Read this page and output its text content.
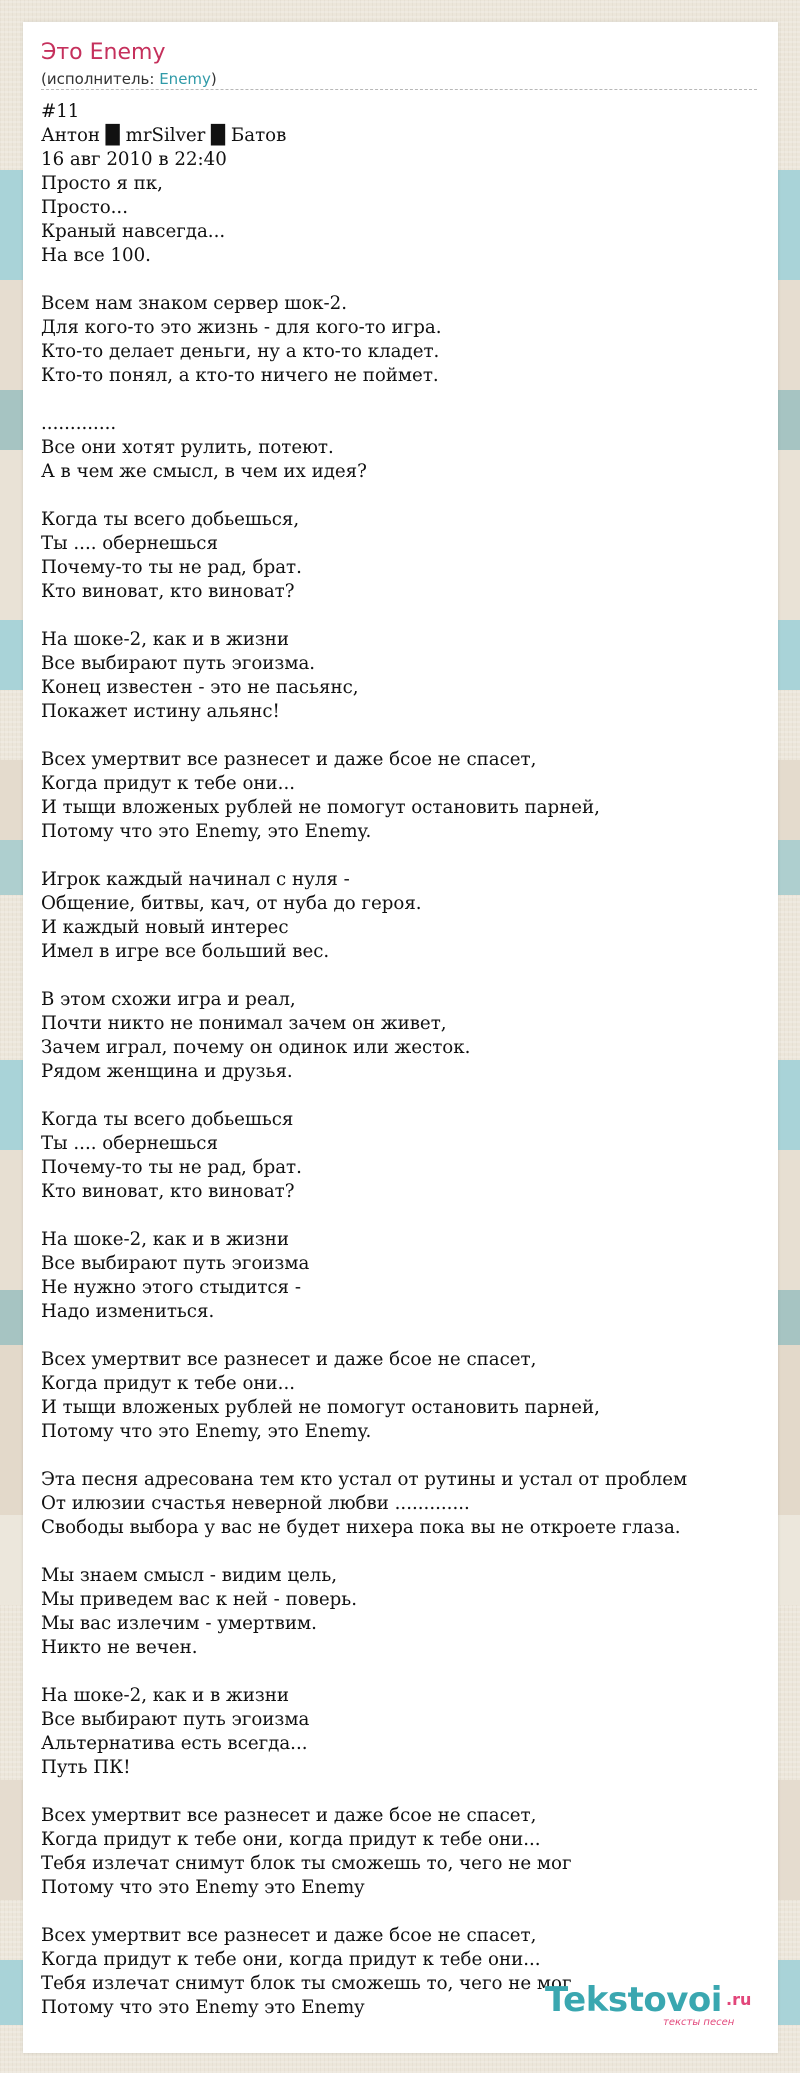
Это Enemy
(исполнитель: Enemy)
#11
Антон █ mrSilver █ Батов
16 авг 2010 в 22:40
Просто я пк,
Просто...
Краный навсегда...
На все 100.

Всем нам знаком сервер шок-2.
Для кого-то это жизнь - для кого-то игра.
Кто-то делает деньги, ну а кто-то кладет.
Кто-то понял, а кто-то ничего не поймет.

.............
Все они хотят рулить, потеют.
А в чем же смысл, в чем их идея?

Когда ты всего добьешься,
Ты .... обернешься
Почему-то ты не рад, брат.
Кто виноват, кто виноват?

На шоке-2, как и в жизни
Все выбирают путь эгоизма.
Конец известен - это не пасьянс,
Покажет истину альянс!

Всех умертвит все разнесет и даже бсое не спасет,
Когда придут к тебе они...
И тыщи вложеных рублей не помогут остановить парней,
Потому что это Enemy, это Enemy.

Игрок каждый начинал с нуля -
Общение, битвы, кач, от нуба до героя.
И каждый новый интерес
Имел в игре все больший вес.

В этом схожи игра и реал,
Почти никто не понимал зачем он живет,
Зачем играл, почему он одинок или жесток.
Рядом женщина и друзья.

Когда ты всего добьешься
Ты .... обернешься
Почему-то ты не рад, брат.
Кто виноват, кто виноват?

На шоке-2, как и в жизни
Все выбирают путь эгоизма
Не нужно этого стыдится -
Надо измениться.

Всех умертвит все разнесет и даже бсое не спасет,
Когда придут к тебе они...
И тыщи вложеных рублей не помогут остановить парней,
Потому что это Enemy, это Enemy.

Эта песня адресована тем кто устал от рутины и устал от проблем
От илюзии счастья неверной любви .............
Свободы выбора у вас не будет нихера пока вы не откроете глаза.

Мы знаем смысл - видим цель,
Мы приведем вас к ней - поверь.
Мы вас излечим - умертвим.
Никто не вечен.

На шоке-2, как и в жизни
Все выбирают путь эгоизма
Альтернатива есть всегда...
Путь ПК!

Всех умертвит все разнесет и даже бсое не спасет,
Когда придут к тебе они, когда придут к тебе они...
Тебя излечат снимут блок ты сможешь то, чего не мог
Потому что это Enemy это Enemy

Всех умертвит все разнесет и даже бсое не спасет,
Когда придут к тебе они, когда придут к тебе они...
Тебя излечат снимут блок ты сможешь то, чего не мог
Потому что это Enemy это Enemy	Tekstovoi .ru
тексты песен
